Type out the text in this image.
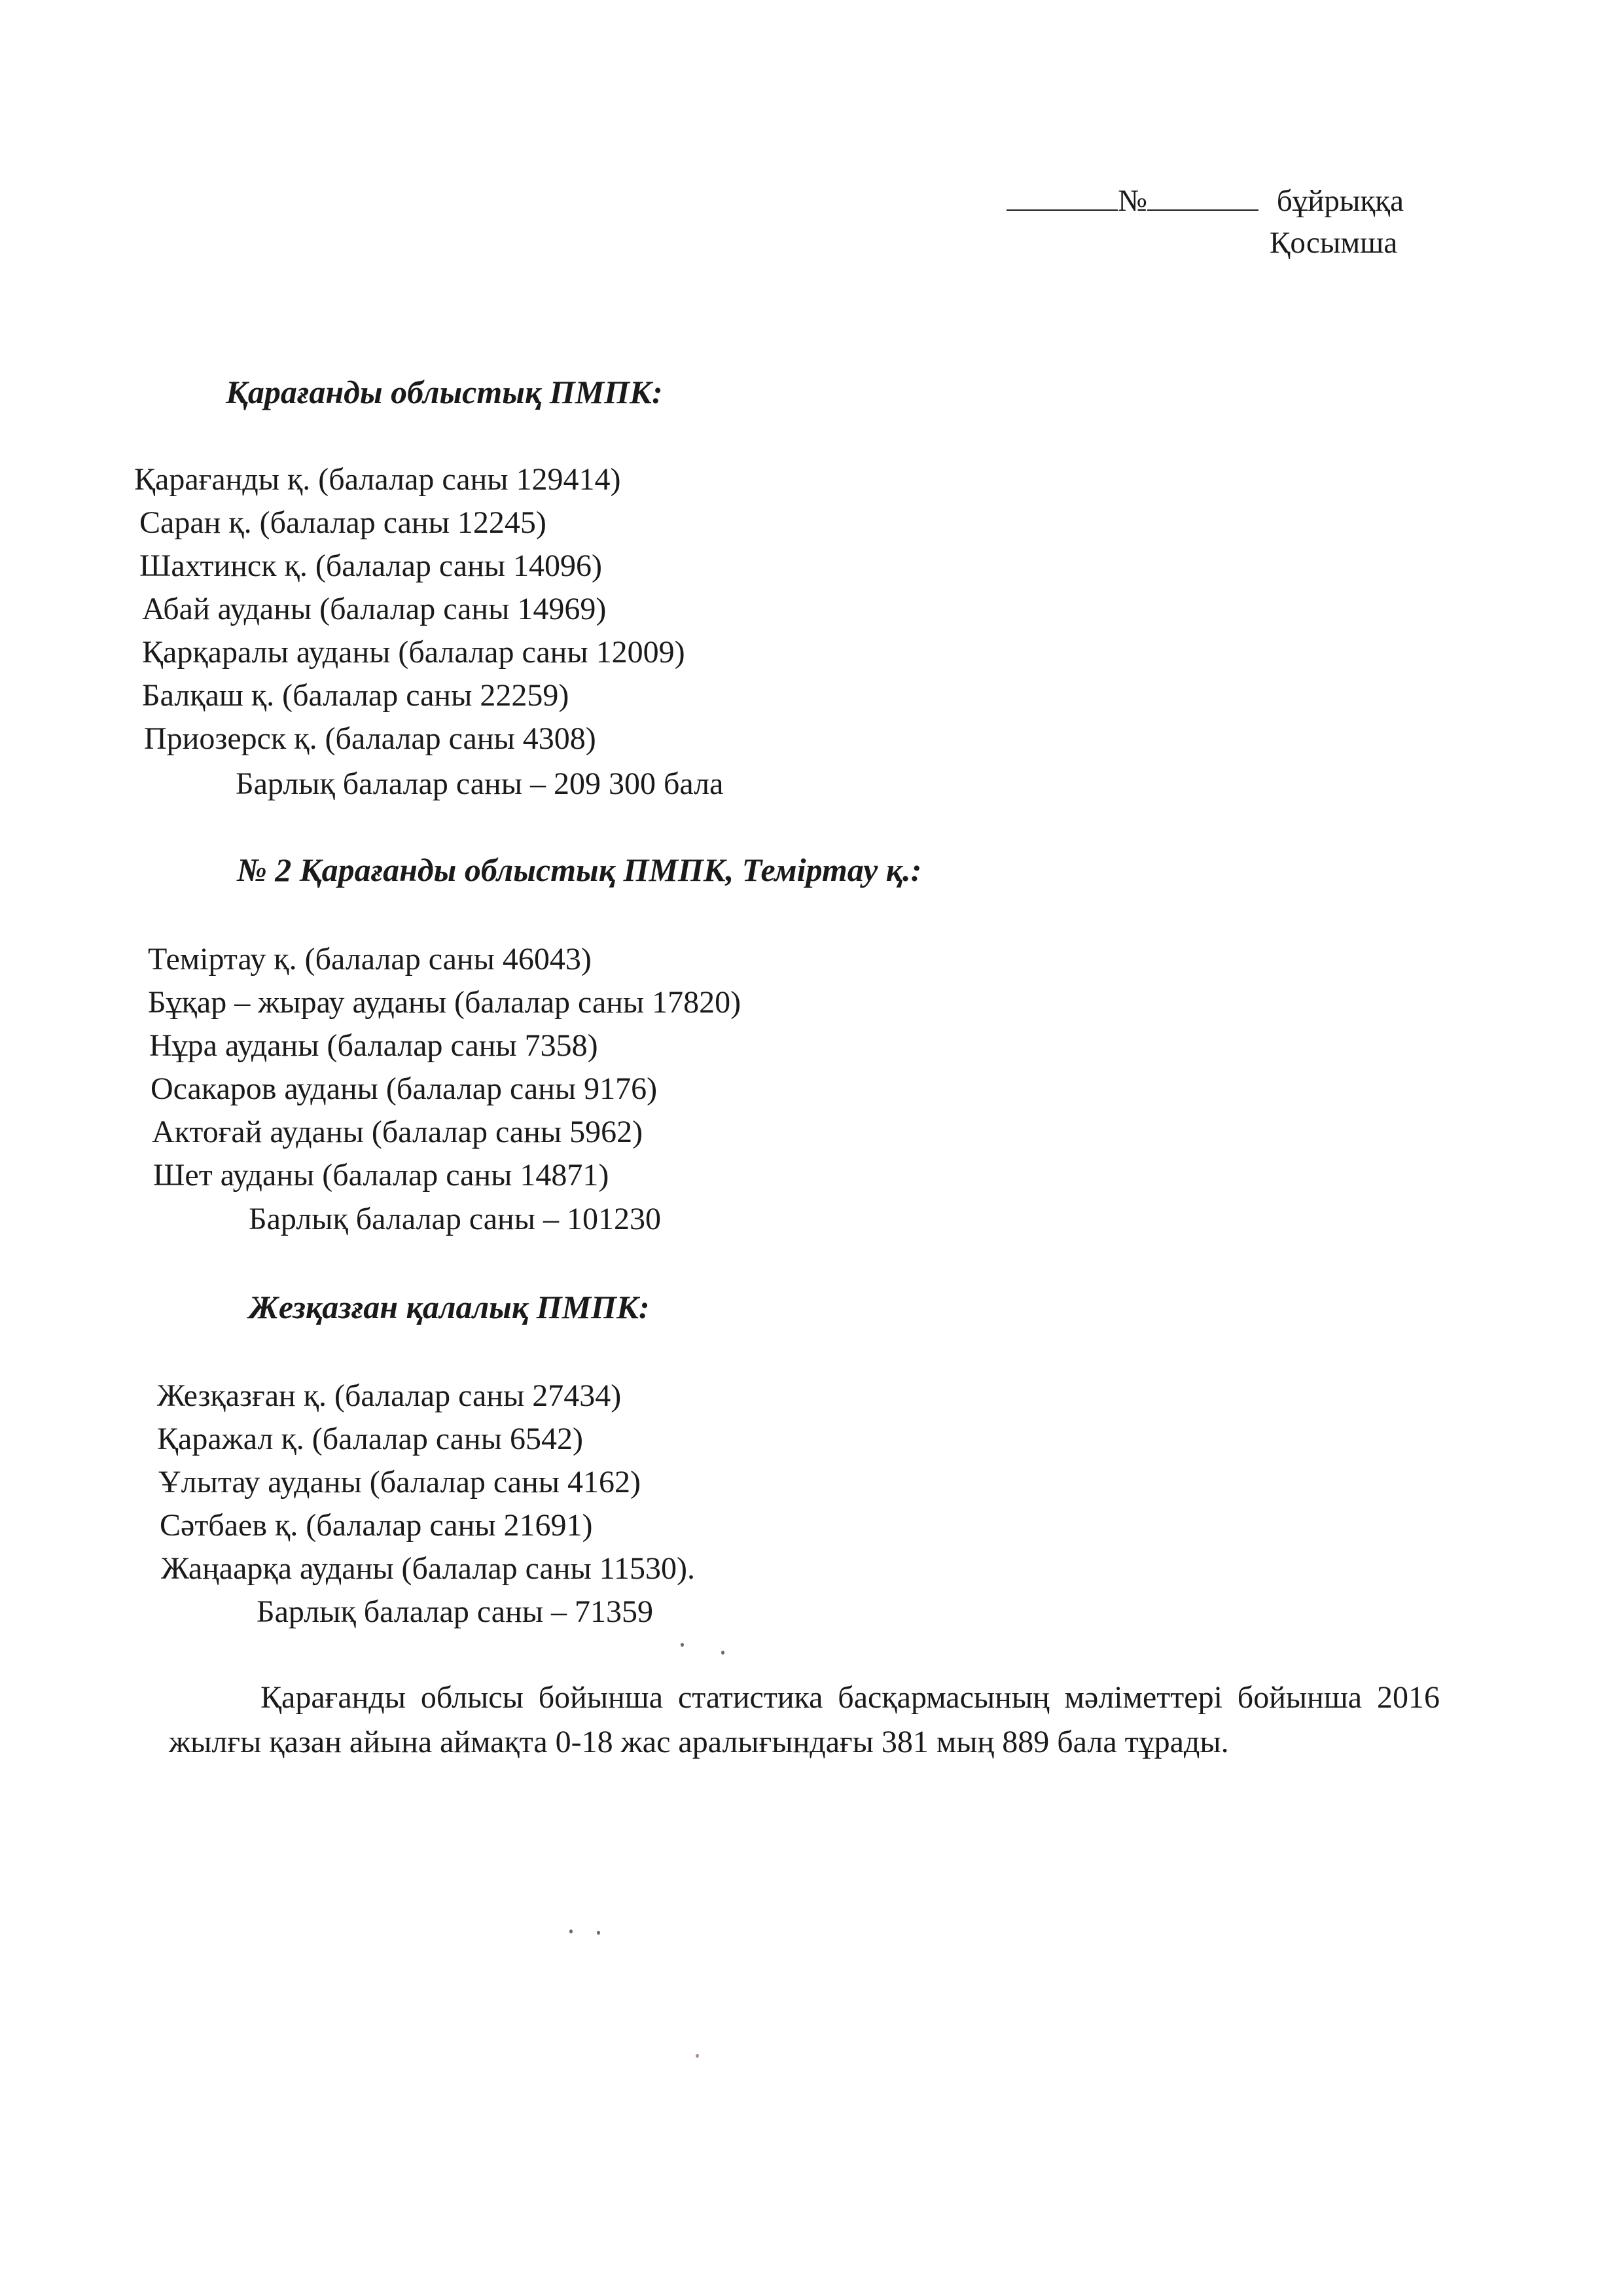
№	бұйрыққа
Қосымша
Қарағанды облыстық ПМПК:
Қарағанды қ. (балалар саны 129414)
Саран қ. (балалар саны 12245)
Шахтинск қ. (балалар саны 14096)
Абай ауданы (балалар саны 14969)
Қарқаралы ауданы (балалар саны 12009)
Балқаш қ. (балалар саны 22259)
Приозерск қ. (балалар саны 4308)
Барлық балалар саны – 209 300 бала
№ 2 Қарағанды облыстық ПМПК, Теміртау қ.:
Теміртау қ. (балалар саны 46043)
Бұқар – жырау ауданы (балалар саны 17820)
Нұра ауданы (балалар саны 7358)
Осакаров ауданы (балалар саны 9176)
Актоғай ауданы (балалар саны 5962)
Шет ауданы (балалар саны 14871)
Барлық балалар саны – 101230
Жезқазған қалалық ПМПК:
Жезқазған қ. (балалар саны 27434)
Қаражал қ. (балалар саны 6542)
Ұлытау ауданы (балалар саны 4162)
Сәтбаев қ. (балалар саны 21691)
Жаңаарқа ауданы (балалар саны 11530).
Барлық балалар саны – 71359
Қарағанды облысы бойынша статистика басқармасының мәліметтері бойынша 2016 жылғы қазан айына аймақта 0-18 жас аралығындағы 381 мың 889 бала тұрады.
